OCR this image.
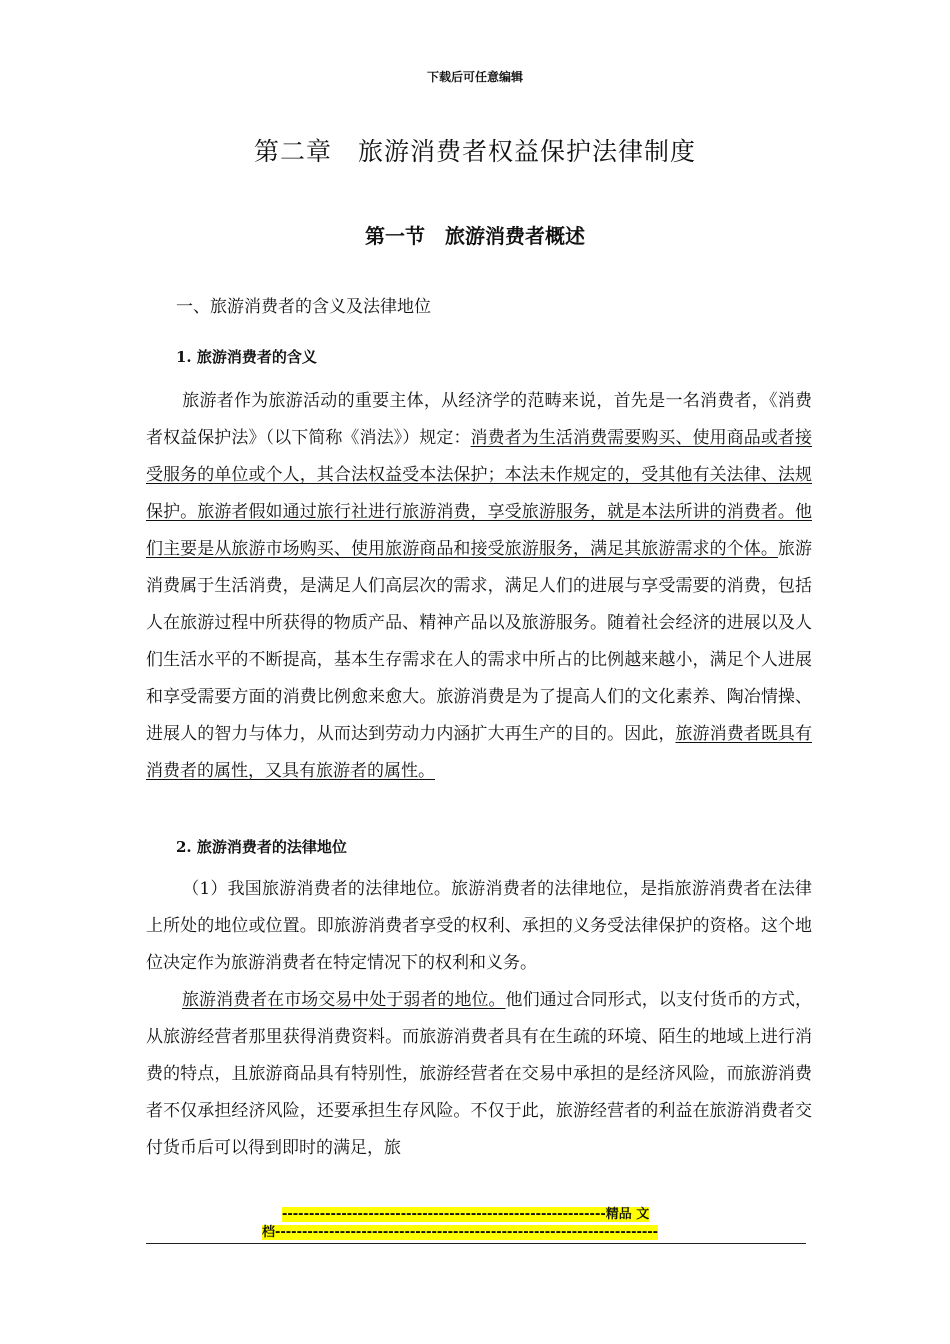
下载后可任意编辑
第二章　旅游消费者权益保护法律制度
第一节　旅游消费者概述
一、旅游消费者的含义及法律地位
1. 旅游消费者的含义

旅游者作为旅游活动的重要主体，从经济学的范畴来说，首先是一名消费者，《消费者权益保护法》（以下简称《消法》）规定：消费者为生活消费需要购买、使用商品或者接受服务的单位或个人，其合法权益受本法保护；本法未作规定的，受其他有关法律、法规保护。旅游者假如通过旅行社进行旅游消费，享受旅游服务，就是本法所讲的消费者。他们主要是从旅游市场购买、使用旅游商品和接受旅游服务，满足其旅游需求的个体。旅游消费属于生活消费，是满足人们高层次的需求，满足人们的进展与享受需要的消费，包括人在旅游过程中所获得的物质产品、精神产品以及旅游服务。随着社会经济的进展以及人们生活水平的不断提高，基本生存需求在人的需求中所占的比例越来越小，满足个人进展和享受需要方面的消费比例愈来愈大。旅游消费是为了提高人们的文化素养、陶冶情操、进展人的智力与体力，从而达到劳动力内涵扩大再生产的目的。因此，旅游消费者既具有消费者的属性，又具有旅游者的属性。

2. 旅游消费者的法律地位

（1）我国旅游消费者的法律地位。旅游消费者的法律地位，是指旅游消费者在法律上所处的地位或位置。即旅游消费者享受的权利、承担的义务受法律保护的资格。这个地位决定作为旅游消费者在特定情况下的权利和义务。

旅游消费者在市场交易中处于弱者的地位。他们通过合同形式，以支付货币的方式，从旅游经营者那里获得消费资料。而旅游消费者具有在生疏的环境、陌生的地域上进行消费的特点，且旅游商品具有特别性，旅游经营者在交易中承担的是经济风险，而旅游消费者不仅承担经济风险，还要承担生存风险。不仅于此，旅游经营者的利益在旅游消费者交付货币后可以得到即时的满足，旅

------------------------------------------------------------精品 文
档-----------------------------------------------------------------------
